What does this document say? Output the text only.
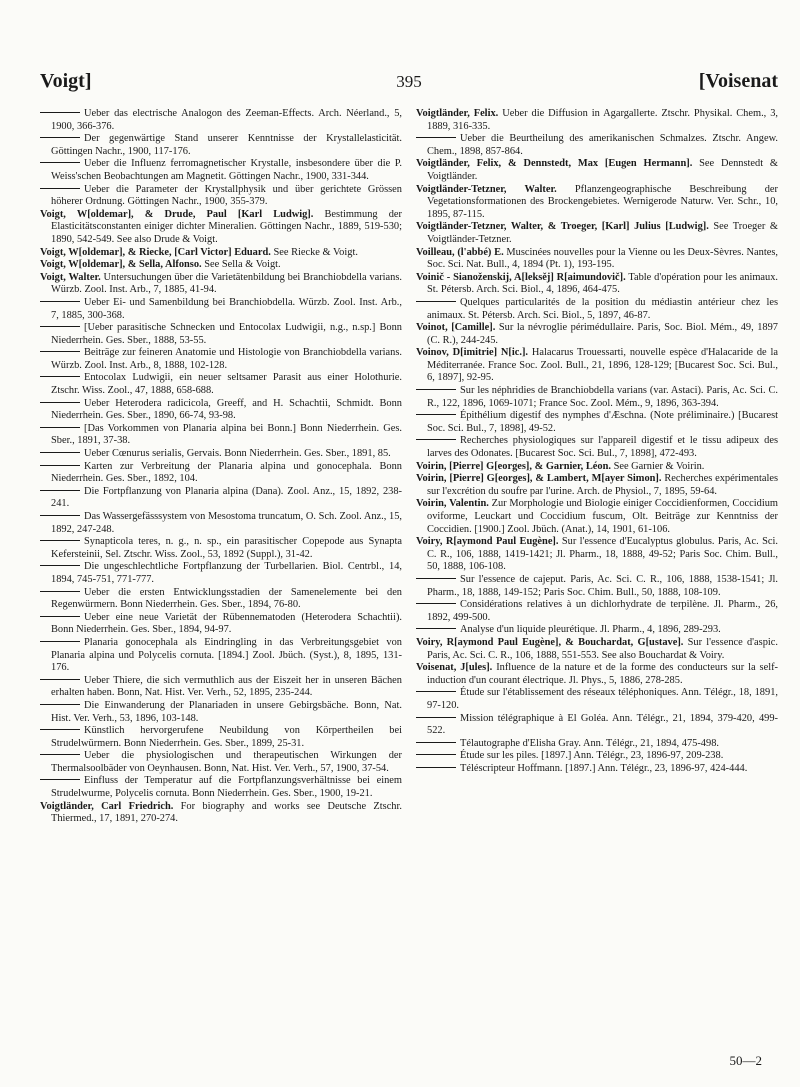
Voigt]	395	[Voisenat

Ueber das electrische Analogon des Zeeman-Effects. Arch. Néerland., 5, 1900, 366-376.

Der gegenwärtige Stand unserer Kenntnisse der Krystallelasticität. Göttingen Nachr., 1900, 117-176.

Ueber die Influenz ferromagnetischer Krystalle, insbesondere über die P. Weiss'schen Beobachtungen am Magnetit. Göttingen Nachr., 1900, 331-344.

Ueber die Parameter der Krystallphysik und über gerichtete Grössen höherer Ordnung. Göttingen Nachr., 1900, 355-379.

Voigt, W[oldemar], & Drude, Paul [Karl Ludwig]. Bestimmung der Elasticitätsconstanten einiger dichter Mineralien. Göttingen Nachr., 1889, 519-530; 1890, 542-549. See also Drude & Voigt.

Voigt, W[oldemar], & Riecke, [Carl Victor] Eduard. See Riecke & Voigt.

Voigt, W[oldemar], & Sella, Alfonso. See Sella & Voigt.

Voigt, Walter. Untersuchungen über die Varietätenbildung bei Branchiobdella varians. Würzb. Zool. Inst. Arb., 7, 1885, 41-94.

Ueber Ei- und Samenbildung bei Branchiobdella. Würzb. Zool. Inst. Arb., 7, 1885, 300-368.

[Ueber parasitische Schnecken und Entocolax Ludwigii, n.g., n.sp.] Bonn Niederrhein. Ges. Sber., 1888, 53-55.

Beiträge zur feineren Anatomie und Histologie von Branchiobdella varians. Würzb. Zool. Inst. Arb., 8, 1888, 102-128.

Entocolax Ludwigii, ein neuer seltsamer Parasit aus einer Holothurie. Ztschr. Wiss. Zool., 47, 1888, 658-688.

Ueber Heterodera radicicola, Greeff, and H. Schachtii, Schmidt. Bonn Niederrhein. Ges. Sber., 1890, 66-74, 93-98.

[Das Vorkommen von Planaria alpina bei Bonn.] Bonn Niederrhein. Ges. Sber., 1891, 37-38.

Ueber Cœnurus serialis, Gervais. Bonn Niederrhein. Ges. Sber., 1891, 85.

Karten zur Verbreitung der Planaria alpina und gonocephala. Bonn Niederrhein. Ges. Sber., 1892, 104.

Die Fortpflanzung von Planaria alpina (Dana). Zool. Anz., 15, 1892, 238-241.

Das Wassergefässsystem von Mesostoma truncatum, O. Sch. Zool. Anz., 15, 1892, 247-248.

Synapticola teres, n. g., n. sp., ein parasitischer Copepode aus Synapta Kefersteinii, Sel. Ztschr. Wiss. Zool., 53, 1892 (Suppl.), 31-42.

Die ungeschlechtliche Fortpflanzung der Turbellarien. Biol. Centrbl., 14, 1894, 745-751, 771-777.

Ueber die ersten Entwicklungsstadien der Samenelemente bei den Regenwürmern. Bonn Niederrhein. Ges. Sber., 1894, 76-80.

Ueber eine neue Varietät der Rübennematoden (Heterodera Schachtii). Bonn Niederrhein. Ges. Sber., 1894, 94-97.

Planaria gonocephala als Eindringling in das Verbreitungsgebiet von Planaria alpina und Polycelis cornuta. [1894.] Zool. Jbüch. (Syst.), 8, 1895, 131-176.

Ueber Thiere, die sich vermuthlich aus der Eiszeit her in unseren Bächen erhalten haben. Bonn, Nat. Hist. Ver. Verh., 52, 1895, 235-244.

Die Einwanderung der Planariaden in unsere Gebirgsbäche. Bonn, Nat. Hist. Ver. Verh., 53, 1896, 103-148.

Künstlich hervorgerufene Neubildung von Körpertheilen bei Strudelwürmern. Bonn Niederrhein. Ges. Sber., 1899, 25-31.

Ueber die physiologischen und therapeutischen Wirkungen der Thermalsoolbäder von Oeynhausen. Bonn, Nat. Hist. Ver. Verh., 57, 1900, 37-54.

Einfluss der Temperatur auf die Fortpflanzungsverhältnisse bei einem Strudelwurme, Polycelis cornuta. Bonn Niederrhein. Ges. Sber., 1900, 19-21.

Voigtländer, Carl Friedrich. For biography and works see Deutsche Ztschr. Thiermed., 17, 1891, 270-274.

Voigtländer, Felix. Ueber die Diffusion in Agargallerte. Ztschr. Physikal. Chem., 3, 1889, 316-335.

Ueber die Beurtheilung des amerikanischen Schmalzes. Ztschr. Angew. Chem., 1898, 857-864.

Voigtländer, Felix, & Dennstedt, Max [Eugen Hermann]. See Dennstedt & Voigtländer.

Voigtländer-Tetzner, Walter. Pflanzengeographische Beschreibung der Vegetationsformationen des Brockengebietes. Wernigerode Naturw. Ver. Schr., 10, 1895, 87-115.

Voigtländer-Tetzner, Walter, & Troeger, [Karl] Julius [Ludwig]. See Troeger & Voigtländer-Tetzner.

Voilleau, (l'abbé) E. Muscinées nouvelles pour la Vienne ou les Deux-Sèvres. Nantes, Soc. Sci. Nat. Bull., 4, 1894 (Pt. 1), 193-195.

Voinič - Sianoženskij, A[leksěj] R[aimundovič]. Table d'opération pour les animaux. St. Pétersb. Arch. Sci. Biol., 4, 1896, 464-475.

Quelques particularités de la position du médiastin antérieur chez les animaux. St. Pétersb. Arch. Sci. Biol., 5, 1897, 46-87.

Voinot, [Camille]. Sur la névroglie périmédullaire. Paris, Soc. Biol. Mém., 49, 1897 (C. R.), 244-245.

Voinov, D[imitrie] N[ic.]. Halacarus Trouessarti, nouvelle espèce d'Halacaride de la Méditerranée. France Soc. Zool. Bull., 21, 1896, 128-129; [Bucarest Soc. Sci. Bul., 6, 1897], 92-95.

Sur les néphridies de Branchiobdella varians (var. Astaci). Paris, Ac. Sci. C. R., 122, 1896, 1069-1071; France Soc. Zool. Mém., 9, 1896, 363-394.

Épithélium digestif des nymphes d'Æschna. (Note préliminaire.) [Bucarest Soc. Sci. Bul., 7, 1898], 49-52.

Recherches physiologiques sur l'appareil digestif et le tissu adipeux des larves des Odonates. [Bucarest Soc. Sci. Bul., 7, 1898], 472-493.

Voirin, [Pierre] G[eorges], & Garnier, Léon. See Garnier & Voirin.

Voirin, [Pierre] G[eorges], & Lambert, M[ayer Simon]. Recherches expérimentales sur l'excrétion du soufre par l'urine. Arch. de Physiol., 7, 1895, 59-64.

Voirin, Valentin. Zur Morphologie und Biologie einiger Coccidienformen, Coccidium oviforme, Leuckart und Coccidium fuscum, Olt. Beiträge zur Kenntniss der Coccidien. [1900.] Zool. Jbüch. (Anat.), 14, 1901, 61-106.

Voiry, R[aymond Paul Eugène]. Sur l'essence d'Eucalyptus globulus. Paris, Ac. Sci. C. R., 106, 1888, 1419-1421; Jl. Pharm., 18, 1888, 49-52; Paris Soc. Chim. Bull., 50, 1888, 106-108.

Sur l'essence de cajeput. Paris, Ac. Sci. C. R., 106, 1888, 1538-1541; Jl. Pharm., 18, 1888, 149-152; Paris Soc. Chim. Bull., 50, 1888, 108-109.

Considérations relatives à un dichlorhydrate de terpilène. Jl. Pharm., 26, 1892, 499-500.

Analyse d'un liquide pleurétique. Jl. Pharm., 4, 1896, 289-293.

Voiry, R[aymond Paul Eugène], & Bouchardat, G[ustave]. Sur l'essence d'aspic. Paris, Ac. Sci. C. R., 106, 1888, 551-553. See also Bouchardat & Voiry.

Voisenat, J[ules]. Influence de la nature et de la forme des conducteurs sur la self-induction d'un courant électrique. Jl. Phys., 5, 1886, 278-285.

Étude sur l'établissement des réseaux téléphoniques. Ann. Télégr., 18, 1891, 97-120.

Mission télégraphique à El Goléa. Ann. Télégr., 21, 1894, 379-420, 499-522.

Télautographe d'Elisha Gray. Ann. Télégr., 21, 1894, 475-498.

Étude sur les piles. [1897.] Ann. Télégr., 23, 1896-97, 209-238.

Téléscripteur Hoffmann. [1897.] Ann. Télégr., 23, 1896-97, 424-444.

50—2
